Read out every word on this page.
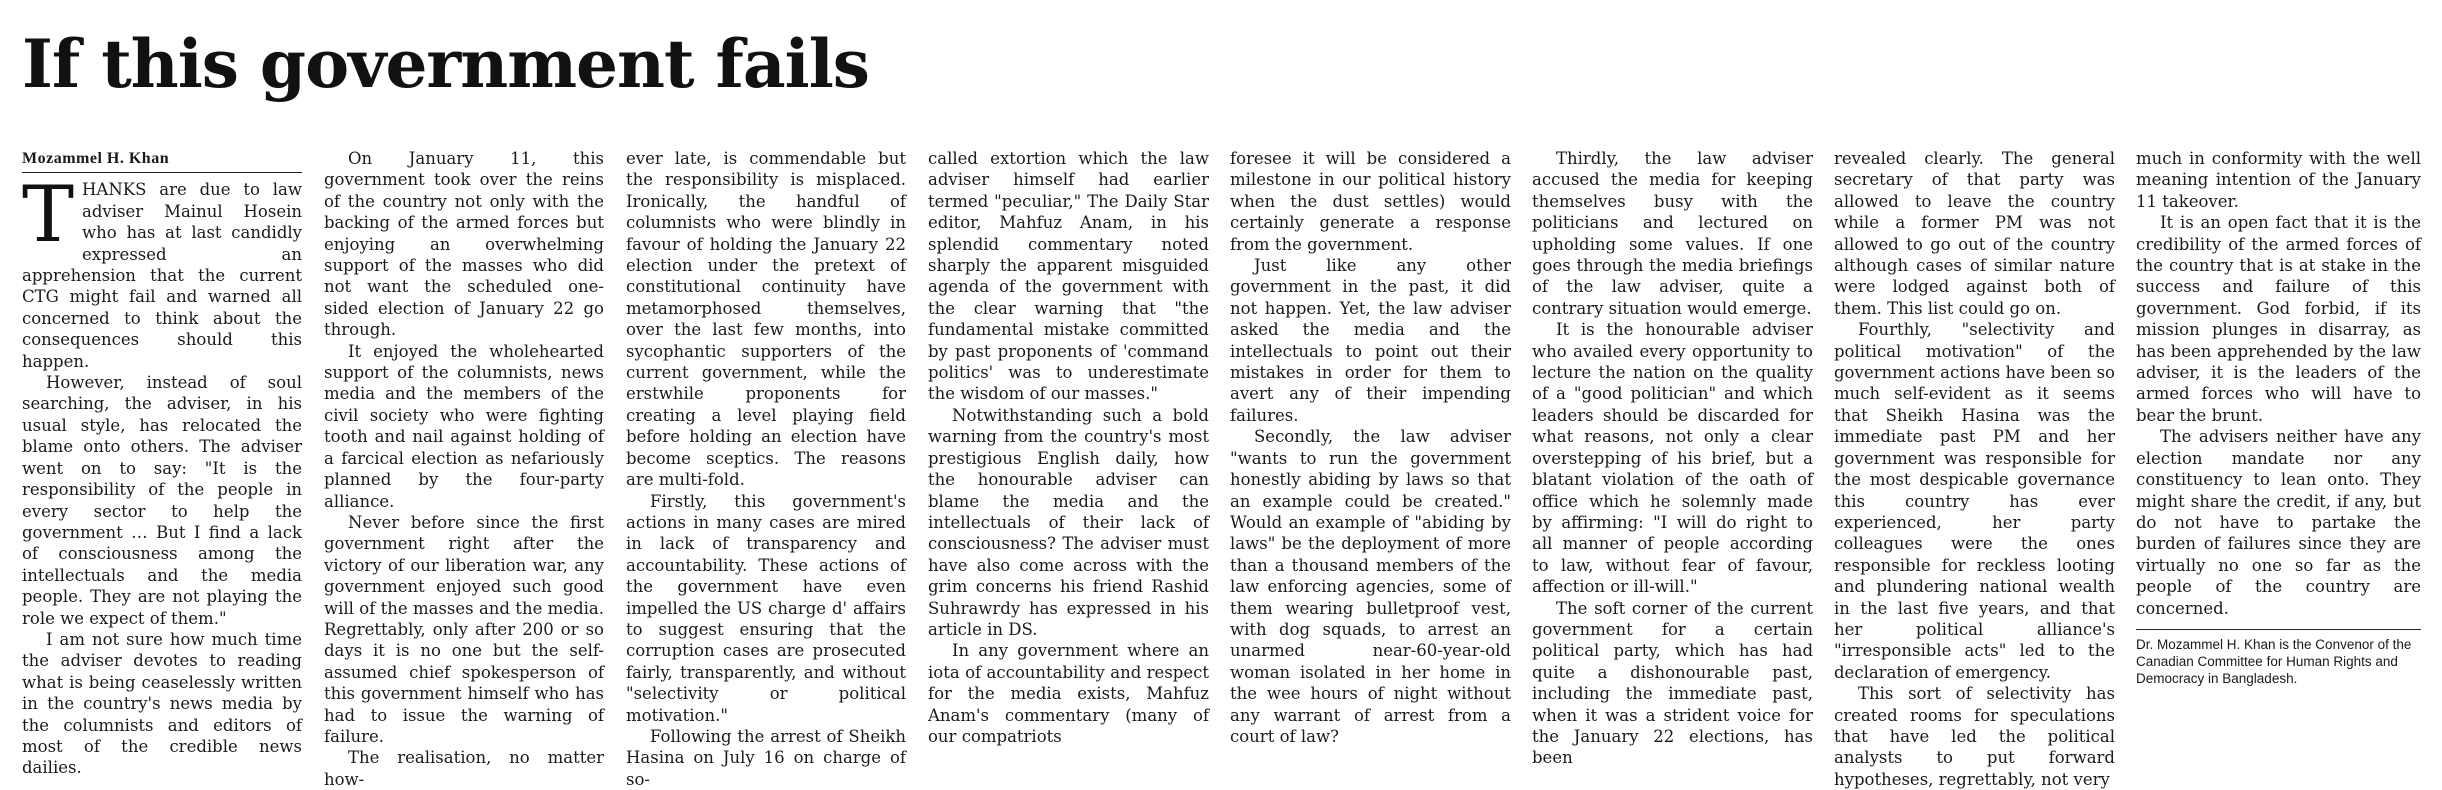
If this government fails
Mozammel H. Khan

THANKS are due to law adviser Mainul Hosein who has at last candidly expressed an apprehension that the current CTG might fail and warned all concerned to think about the consequences should this happen.

However, instead of soul searching, the adviser, in his usual style, has relocated the blame onto others. The adviser went on to say: "It is the responsibility of the people in every sector to help the government … But I find a lack of consciousness among the intellectuals and the media people. They are not playing the role we expect of them."

I am not sure how much time the adviser devotes to reading what is being ceaselessly written in the country's news media by the columnists and editors of most of the credible news dailies.

On January 11, this government took over the reins of the country not only with the backing of the armed forces but enjoying an overwhelming support of the masses who did not want the scheduled one-sided election of January 22 go through.

It enjoyed the wholehearted support of the columnists, news media and the members of the civil society who were fighting tooth and nail against holding of a farcical election as nefariously planned by the four-party alliance.

Never before since the first government right after the victory of our liberation war, any government enjoyed such good will of the masses and the media. Regrettably, only after 200 or so days it is no one but the self-assumed chief spokesperson of this government himself who has had to issue the warning of failure.

The realisation, no matter how-

ever late, is commendable but the responsibility is misplaced. Ironically, the handful of columnists who were blindly in favour of holding the January 22 election under the pretext of constitutional continuity have metamorphosed themselves, over the last few months, into sycophantic supporters of the current government, while the erstwhile proponents for creating a level playing field before holding an election have become sceptics. The reasons are multi-fold.

Firstly, this government's actions in many cases are mired in lack of transparency and accountability. These actions of the government have even impelled the US charge d' affairs to suggest ensuring that the corruption cases are prosecuted fairly, transparently, and without "selectivity or political motivation."

Following the arrest of Sheikh Hasina on July 16 on charge of so-

called extortion which the law adviser himself had earlier termed "peculiar," The Daily Star editor, Mahfuz Anam, in his splendid commentary noted sharply the apparent misguided agenda of the government with the clear warning that "the fundamental mistake committed by past proponents of 'command politics' was to underestimate the wisdom of our masses."

Notwithstanding such a bold warning from the country's most prestigious English daily, how the honourable adviser can blame the media and the intellectuals of their lack of consciousness? The adviser must have also come across with the grim concerns his friend Rashid Suhrawrdy has expressed in his article in DS.

In any government where an iota of accountability and respect for the media exists, Mahfuz Anam's commentary (many of our compatriots

foresee it will be considered a milestone in our political history when the dust settles) would certainly generate a response from the government.

Just like any other government in the past, it did not happen. Yet, the law adviser asked the media and the intellectuals to point out their mistakes in order for them to avert any of their impending failures.

Secondly, the law adviser "wants to run the government honestly abiding by laws so that an example could be created." Would an example of "abiding by laws" be the deployment of more than a thousand members of the law enforcing agencies, some of them wearing bulletproof vest, with dog squads, to arrest an unarmed near-60-year-old woman isolated in her home in the wee hours of night without any warrant of arrest from a court of law?

Thirdly, the law adviser accused the media for keeping themselves busy with the politicians and lectured on upholding some values. If one goes through the media briefings of the law adviser, quite a contrary situation would emerge.

It is the honourable adviser who availed every opportunity to lecture the nation on the quality of a "good politician" and which leaders should be discarded for what reasons, not only a clear overstepping of his brief, but a blatant violation of the oath of office which he solemnly made by affirming: "I will do right to all manner of people according to law, without fear of favour, affection or ill-will."

The soft corner of the current government for a certain political party, which has had quite a dishonourable past, including the immediate past, when it was a strident voice for the January 22 elections, has been

revealed clearly. The general secretary of that party was allowed to leave the country while a former PM was not allowed to go out of the country although cases of similar nature were lodged against both of them. This list could go on.

Fourthly, "selectivity and political motivation" of the government actions have been so much self-evident as it seems that Sheikh Hasina was the immediate past PM and her government was responsible for the most despicable governance this country has ever experienced, her party colleagues were the ones responsible for reckless looting and plundering national wealth in the last five years, and that her political alliance's "irresponsible acts" led to the declaration of emergency.

This sort of selectivity has created rooms for speculations that have led the political analysts to put forward hypotheses, regrettably, not very

much in conformity with the well meaning intention of the January 11 takeover.

It is an open fact that it is the credibility of the armed forces of the country that is at stake in the success and failure of this government. God forbid, if its mission plunges in disarray, as has been apprehended by the law adviser, it is the leaders of the armed forces who will have to bear the brunt.

The advisers neither have any election mandate nor any constituency to lean onto. They might share the credit, if any, but do not have to partake the burden of failures since they are virtually no one so far as the people of the country are concerned.

Dr. Mozammel H. Khan is the Convenor of the Canadian Committee for Human Rights and Democracy in Bangladesh.
